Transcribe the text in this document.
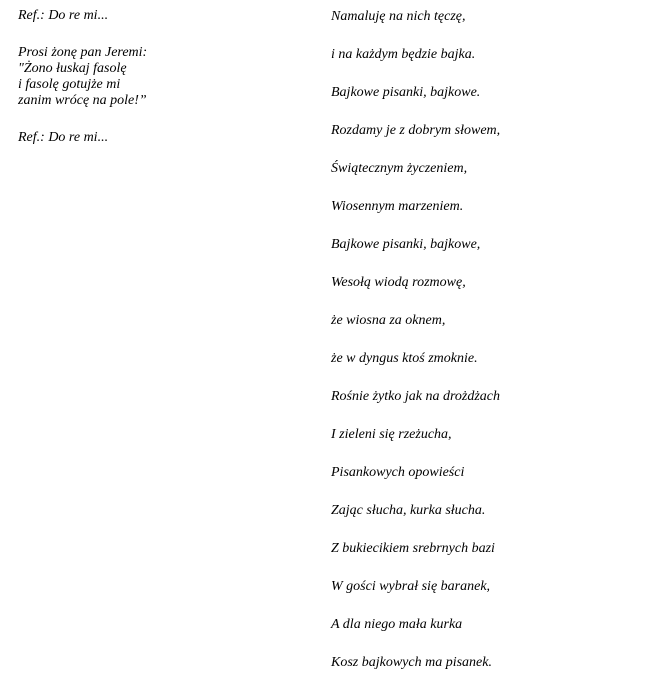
Ref.: Do re mi...
Prosi żonę pan Jeremi:
"Żono łuskaj fasolę
i fasolę gotujże mi
zanim wrócę na pole!”
Ref.: Do re mi...
Namaluję na nich tęczę,
i na każdym będzie bajka.
Bajkowe pisanki, bajkowe.
Rozdamy je z dobrym słowem,
Świątecznym życzeniem,
Wiosennym marzeniem.
Bajkowe pisanki, bajkowe,
Wesołą wiodą rozmowę,
że wiosna za oknem,
że w dyngus ktoś zmoknie.
Rośnie żytko jak na drożdżach
I zieleni się rzeżucha,
Pisankowych opowieści
Zając słucha, kurka słucha.
Z bukiecikiem srebrnych bazi
W gości wybrał się baranek,
A dla niego mała kurka
Kosz bajkowych ma pisanek.
